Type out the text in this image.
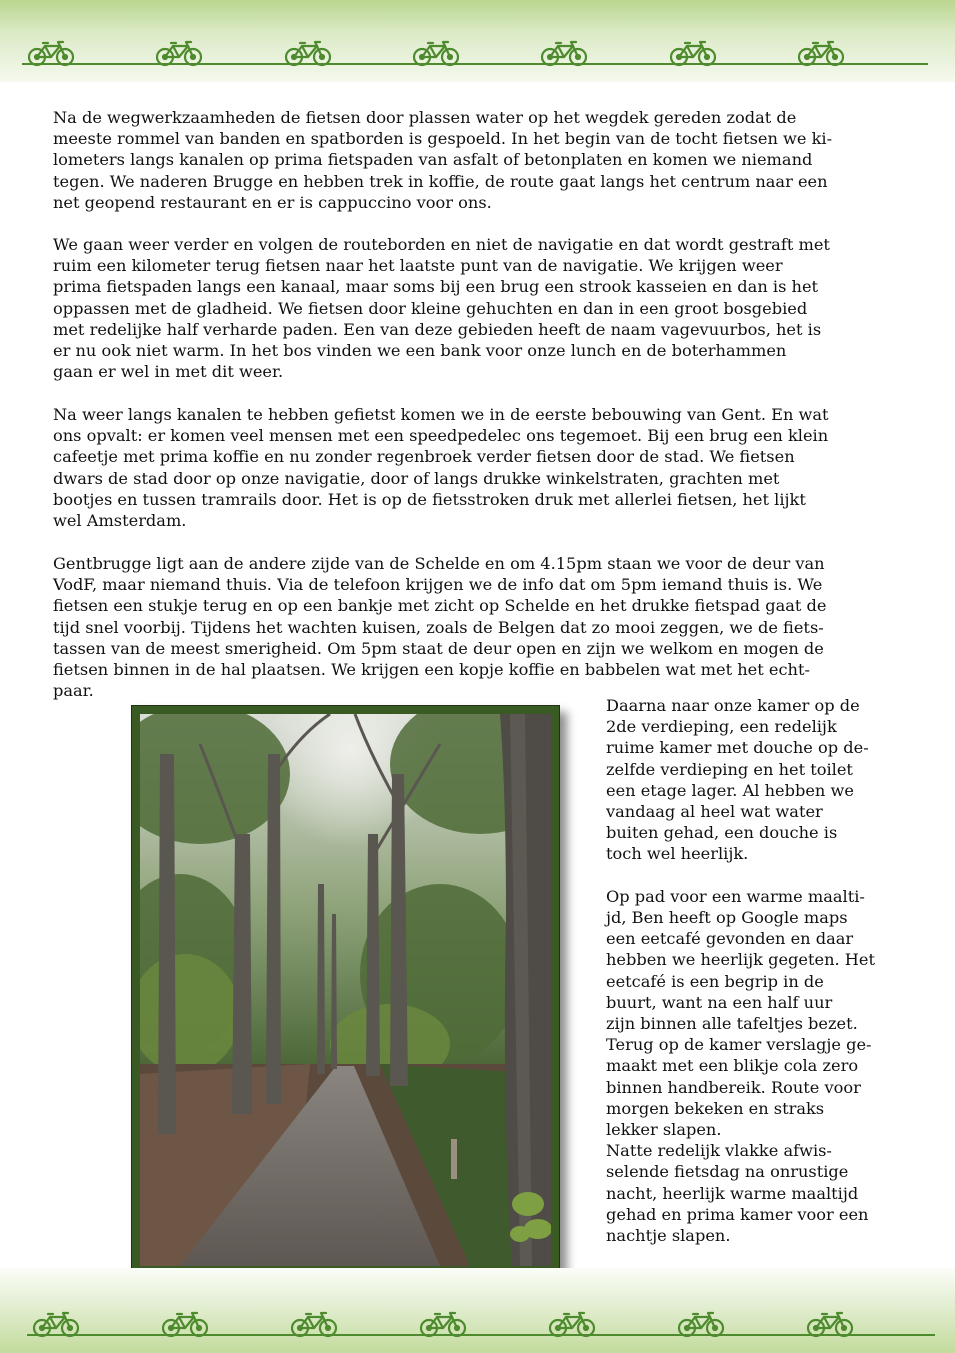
Na de wegwerkzaamheden de fietsen door plassen water op het wegdek gereden zodat de
meeste rommel van banden en spatborden is gespoeld. In het begin van de tocht fietsen we ki-
lometers langs kanalen op prima fietspaden van asfalt of betonplaten en komen we niemand
tegen. We naderen Brugge en hebben trek in koffie, de route gaat langs het centrum naar een
net geopend restaurant en er is cappuccino voor ons.

We gaan weer verder en volgen de routeborden en niet de navigatie en dat wordt gestraft met
ruim een kilometer terug fietsen naar het laatste punt van de navigatie. We krijgen weer
prima fietspaden langs een kanaal, maar soms bij een brug een strook kasseien en dan is het
oppassen met de gladheid. We fietsen door kleine gehuchten en dan in een groot bosgebied
met redelijke half verharde paden. Een van deze gebieden heeft de naam vagevuurbos, het is
er nu ook niet warm. In het bos vinden we een bank voor onze lunch en de boterhammen
gaan er wel in met dit weer.

Na weer langs kanalen te hebben gefietst komen we in de eerste bebouwing van Gent. En wat
ons opvalt: er komen veel mensen met een speedpedelec ons tegemoet. Bij een brug een klein
cafeetje met prima koffie en nu zonder regenbroek verder fietsen door de stad. We fietsen
dwars de stad door op onze navigatie, door of langs drukke winkelstraten, grachten met
bootjes en tussen tramrails door. Het is op de fietsstroken druk met allerlei fietsen, het lijkt
wel Amsterdam.

Gentbrugge ligt aan de andere zijde van de Schelde en om 4.15pm staan we voor de deur van
VodF, maar niemand thuis. Via de telefoon krijgen we de info dat om 5pm iemand thuis is. We
fietsen een stukje terug en op een bankje met zicht op Schelde en het drukke fietspad gaat de
tijd snel voorbij. Tijdens het wachten kuisen, zoals de Belgen dat zo mooi zeggen, we de fiets-
tassen van de meest smerigheid. Om 5pm staat de deur open en zijn we welkom en mogen de
fietsen binnen in de hal plaatsen. We krijgen een kopje koffie en babbelen wat met het echt-
paar.

Daarna naar onze kamer op de
2de verdieping, een redelijk
ruime kamer met douche op de-
zelfde verdieping en het toilet
een etage lager. Al hebben we
vandaag al heel wat water
buiten gehad, een douche is
toch wel heerlijk.

Op pad voor een warme maalti-
jd, Ben heeft op Google maps
een eetcafé gevonden en daar
hebben we heerlijk gegeten. Het
eetcafé is een begrip in de
buurt, want na een half uur
zijn binnen alle tafeltjes bezet.
Terug op de kamer verslagje ge-
maakt met een blikje cola zero
binnen handbereik. Route voor
morgen bekeken en straks
lekker slapen.
Natte redelijk vlakke afwis-
selende fietsdag na onrustige
nacht, heerlijk warme maaltijd
gehad en prima kamer voor een
nachtje slapen.
